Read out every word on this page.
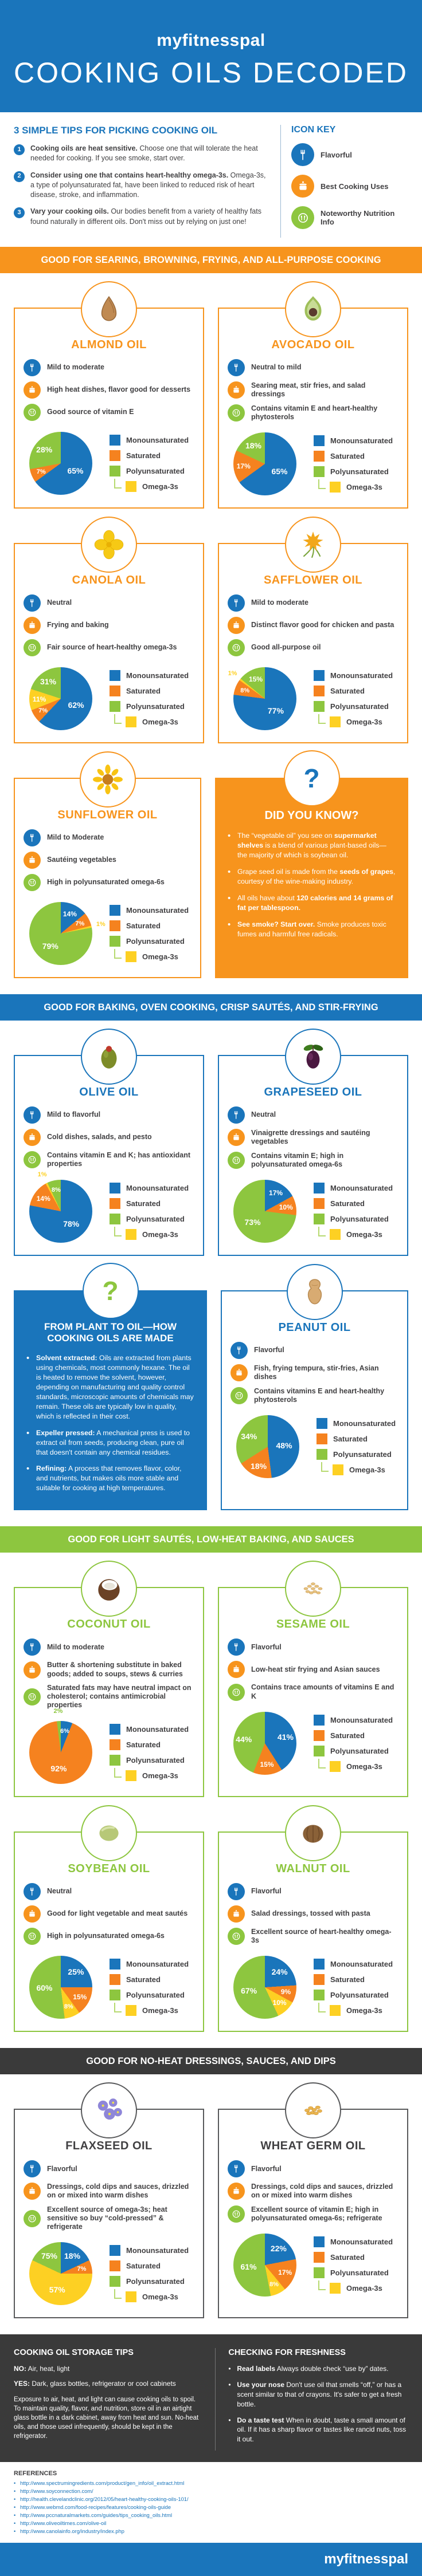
myfitnesspal
COOKING OILS DECODED
3 SIMPLE TIPS FOR PICKING COOKING OIL
1	Cooking oils are heat sensitive. Choose one that will tolerate the heat needed for cooking. If you see smoke, start over.
2	Consider using one that contains heart-healthy omega-3s. Omega-3s, a type of polyunsaturated fat, have been linked to reduced risk of heart disease, stroke, and inflammation.
3	Vary your cooking oils. Our bodies benefit from a variety of healthy fats found naturally in different oils. Don't miss out by relying on just one!
ICON KEY
Flavorful
Best Cooking Uses
Noteworthy Nutrition Info
GOOD FOR SEARING, BROWNING, FRYING, AND ALL-PURPOSE COOKING
ALMOND OIL
Mild to moderate
High heat dishes, flavor good for desserts
Good source of vitamin E
65%
7%
28%
Monounsaturated
Saturated
Polyunsaturated
Omega-3s
AVOCADO OIL
Neutral to mild
Searing meat, stir fries, and salad dressings
Contains vitamin E and heart-healthy phytosterols
65%
17%
18%
Monounsaturated
Saturated
Polyunsaturated
Omega-3s
CANOLA OIL
Neutral
Frying and baking
Fair source of heart-healthy omega-3s
62%
7%
11%
31%
Monounsaturated
Saturated
Polyunsaturated
Omega-3s
SAFFLOWER OIL
Mild to moderate
Distinct flavor good for chicken and pasta
Good all-purpose oil
77%
8%
1%
15%	Monounsaturated
Saturated
Polyunsaturated
Omega-3s
SUNFLOWER OIL
Mild to Moderate
Sautéing vegetables
High in polyunsaturated omega-6s
14%
7% 1%
79%
Monounsaturated
Saturated
Polyunsaturated
Omega-3s
?
DID YOU KNOW?
• The “vegetable oil” you see on supermarket shelves is a blend of various plant-based oils—the majority of which is soybean oil.
• Grape seed oil is made from the seeds of grapes, courtesy of the wine-making industry.
• All oils have about 120 calories and 14 grams of fat per tablespoon.
• See smoke? Start over. Smoke produces toxic fumes and harmful free radicals.
GOOD FOR BAKING, OVEN COOKING, CRISP SAUTÉS, AND STIR-FRYING
OLIVE OIL
Mild to flavorful
Cold dishes, salads, and pesto
Contains vitamin E and K; has antioxidant properties
78%
14%
1%
8%	Monounsaturated
Saturated
Polyunsaturated
Omega-3s
GRAPESEED OIL
Neutral
Vinaigrette dressings and sautéing vegetables
Contains vitamin E; high in polyunsaturated omega-6s
17%
10%
73%
Monounsaturated
Saturated
Polyunsaturated
Omega-3s
?
FROM PLANT TO OIL—HOW COOKING OILS ARE MADE
• Solvent extracted: Oils are extracted from plants using chemicals, most commonly hexane. The oil is heated to remove the solvent, however, depending on manufacturing and quality control standards, microscopic amounts of chemicals may remain. These oils are typically low in quality, which is reflected in their cost.
• Expeller pressed: A mechanical press is used to extract oil from seeds, producing clean, pure oil that doesn't contain any chemical residues.
• Refining: A process that removes flavor, color, and nutrients, but makes oils more stable and suitable for cooking at high temperatures.
PEANUT OIL
Flavorful
Fish, frying tempura, stir-fries, Asian dishes
Contains vitamins E and heart-healthy phytosterols
48%
18%
34%
Monounsaturated
Saturated
Polyunsaturated
Omega-3s
GOOD FOR LIGHT SAUTÉS, LOW-HEAT BAKING, AND SAUCES
COCONUT OIL
Mild to moderate
Butter & shortening substitute in baked goods; added to soups, stews & curries
Saturated fats may have neutral impact on cholesterol; contains antimicrobial properties
6%
92%
2%
Monounsaturated
Saturated
Polyunsaturated
Omega-3s
SESAME OIL
Flavorful
Low-heat stir frying and Asian sauces
Contains trace amounts of vitamins E and K
41%
15%
44%
Monounsaturated
Saturated
Polyunsaturated
Omega-3s
SOYBEAN OIL
Neutral
Good for light vegetable and meat sautés
High in polyunsaturated omega-6s
25%
15%
8%
60%
Monounsaturated
Saturated
Polyunsaturated
Omega-3s
WALNUT OIL
Flavorful
Salad dressings, tossed with pasta
Excellent source of heart-healthy omega-3s
24%
9%
10%
67%
Monounsaturated
Saturated
Polyunsaturated
Omega-3s
GOOD FOR NO-HEAT DRESSINGS, SAUCES, AND DIPS
FLAXSEED OIL
Flavorful
Dressings, cold dips and sauces, drizzled on or mixed into warm dishes
Excellent source of omega-3s; heat sensitive so buy “cold-pressed” & refrigerate
18%
7%
57%
75%
Monounsaturated
Saturated
Polyunsaturated
Omega-3s
WHEAT GERM OIL
Flavorful
Dressings, cold dips and sauces, drizzled on or mixed into warm dishes
Excellent source of vitamin E; high in polyunsaturated omega-6s; refrigerate
22%
17%
8%
61%
Monounsaturated
Saturated
Polyunsaturated
Omega-3s
COOKING OIL STORAGE TIPS

NO: Air, heat, light

YES: Dark, glass bottles, refrigerator or cool cabinets

Exposure to air, heat, and light can cause cooking oils to spoil. To maintain quality, flavor, and nutrition, store oil in an airtight glass bottle in a dark cabinet, away from heat and sun. No-heat oils, and those used infrequently, should be kept in the refrigerator.

CHECKING FOR FRESHNESS
• Read labels Always double check “use by” dates.
• Use your nose Don't use oil that smells “off,” or has a scent similar to that of crayons. It's safer to get a fresh bottle.
• Do a taste test When in doubt, taste a small amount of oil. If it has a sharp flavor or tastes like rancid nuts, toss it out.
REFERENCES
• http://www.spectrumingredients.com/product/gen_info/oil_extract.html
• http://www.soyconnection.com/
• http://health.clevelandclinic.org/2012/05/heart-healthy-cooking-oils-101/
• http://www.webmd.com/food-recipes/features/cooking-oils-guide
• http://www.pccnaturalmarkets.com/guides/tips_cooking_oils.html
• http://www.oliveoiltimes.com/olive-oil
• http://www.canolainfo.org/industry/index.php
myfitnesspal
